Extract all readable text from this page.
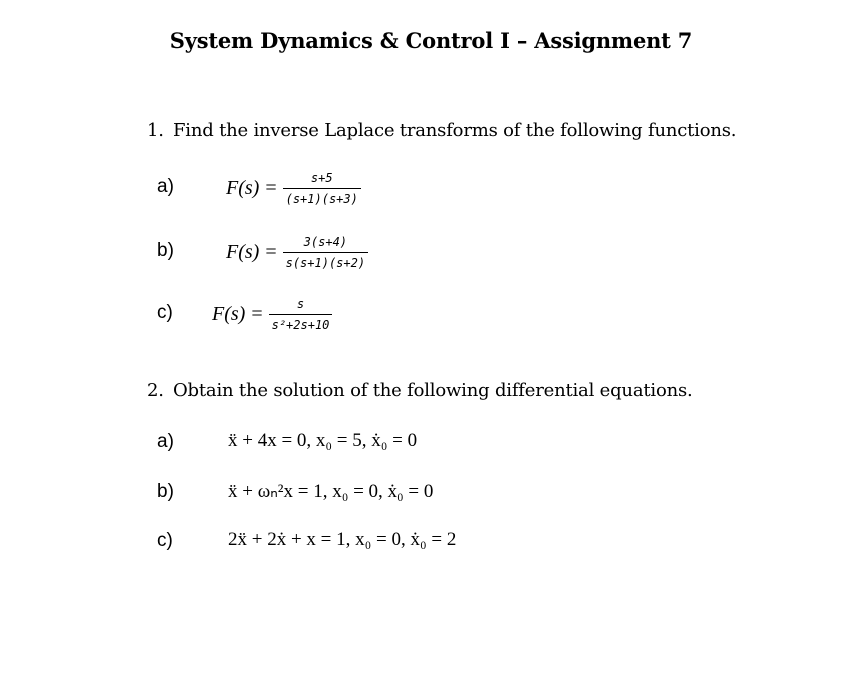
System Dynamics & Control I – Assignment 7
1. Find the inverse Laplace transforms of the following functions.
a)	$F(s) = \frac{s+5}{(s+1)(s+3)}$
b)	$F(s) = \frac{3(s+4)}{s(s+1)(s+2)}$
c) $F(s) = \frac{s}{\text{s²+2s+10}}$
2. Obtain the solution of the following differential equations.
a)	ẍ + 4x = 0, x₀ = 5, ẋ₀ = 0
b)	ẍ + ωₙ²x = 1, x₀ = 0, ẋ₀ = 0
c)	2ẍ + 2ẋ + x = 1, x₀ = 0, ẋ₀ = 2
